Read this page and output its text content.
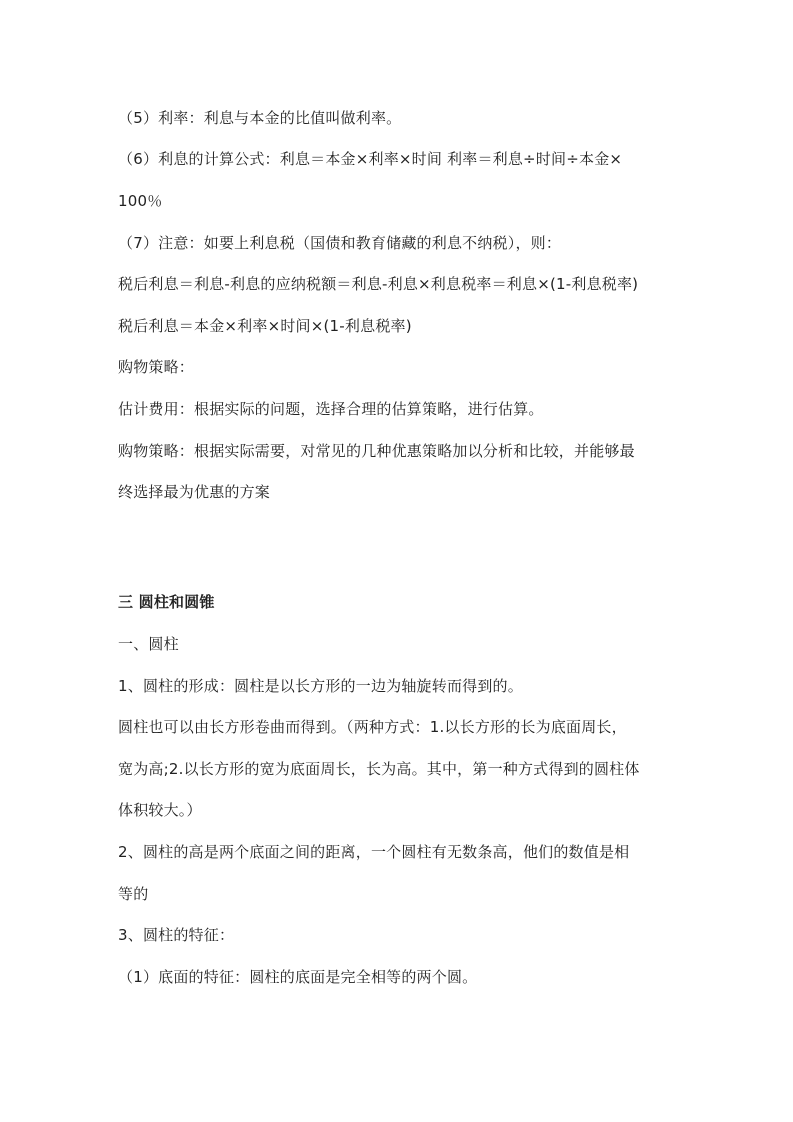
（5）利率：利息与本金的比值叫做利率。
（6）利息的计算公式：利息＝本金×利率×时间 利率＝利息÷时间÷本金×
100％
（7）注意：如要上利息税（国债和教育储藏的利息不纳税），则：
税后利息＝利息-利息的应纳税额＝利息-利息×利息税率＝利息×(1-利息税率)
税后利息＝本金×利率×时间×(1-利息税率)
购物策略：
估计费用：根据实际的问题，选择合理的估算策略，进行估算。
购物策略：根据实际需要，对常见的几种优惠策略加以分析和比较，并能够最
终选择最为优惠的方案
三 圆柱和圆锥
一、圆柱
1、圆柱的形成：圆柱是以长方形的一边为轴旋转而得到的。
圆柱也可以由长方形卷曲而得到。（两种方式：1.以长方形的长为底面周长，
宽为高;2.以长方形的宽为底面周长，长为高。其中，第一种方式得到的圆柱体
体积较大。）
2、圆柱的高是两个底面之间的距离，一个圆柱有无数条高，他们的数值是相
等的
3、圆柱的特征：
（1）底面的特征：圆柱的底面是完全相等的两个圆。
